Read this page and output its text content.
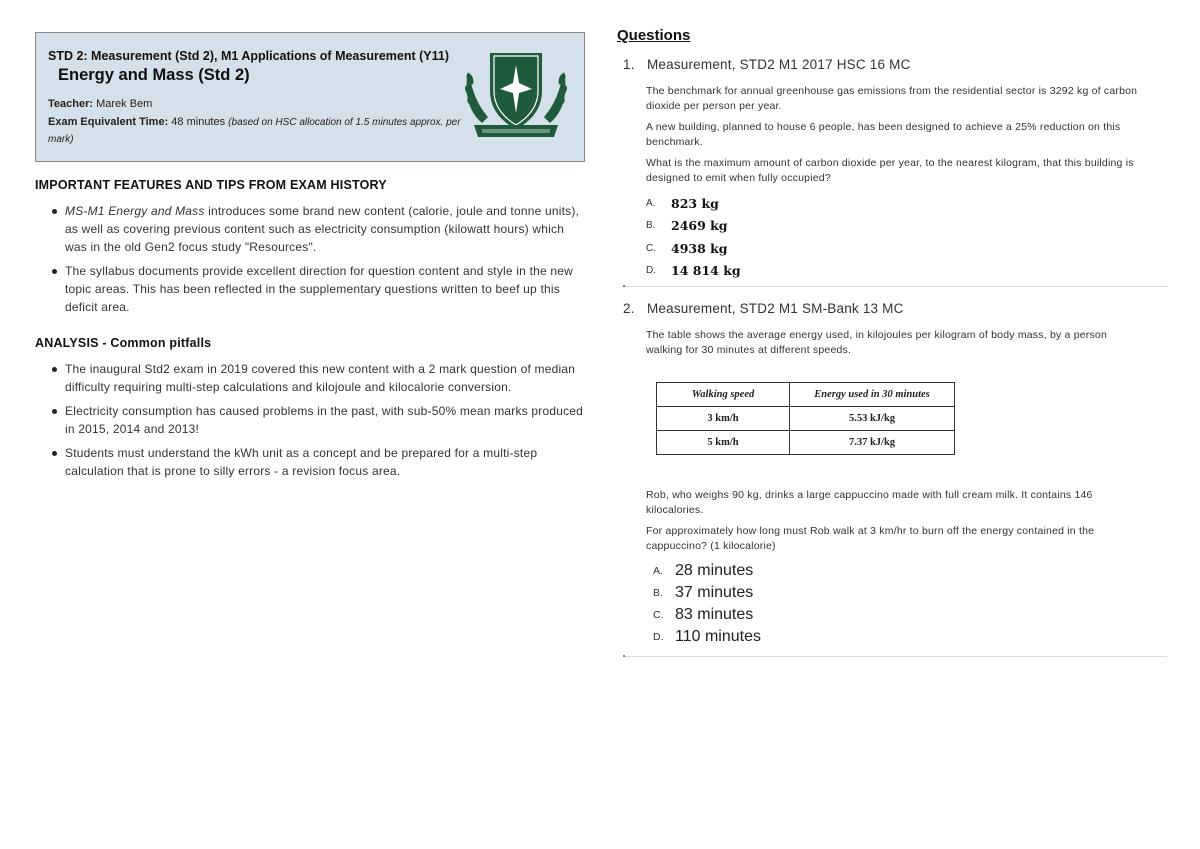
STD 2: Measurement (Std 2), M1 Applications of Measurement (Y11)
Energy and Mass (Std 2)
Teacher: Marek Bem
Exam Equivalent Time: 48 minutes (based on HSC allocation of 1.5 minutes approx. per mark)
IMPORTANT FEATURES AND TIPS FROM EXAM HISTORY
MS-M1 Energy and Mass introduces some brand new content (calorie, joule and tonne units), as well as covering previous content such as electricity consumption (kilowatt hours) which was in the old Gen2 focus study "Resources".
The syllabus documents provide excellent direction for question content and style in the new topic areas. This has been reflected in the supplementary questions written to beef up this deficit area.
ANALYSIS - Common pitfalls
The inaugural Std2 exam in 2019 covered this new content with a 2 mark question of median difficulty requiring multi-step calculations and kilojoule and kilocalorie conversion.
Electricity consumption has caused problems in the past, with sub-50% mean marks produced in 2015, 2014 and 2013!
Students must understand the kWh unit as a concept and be prepared for a multi-step calculation that is prone to silly errors - a revision focus area.
Questions
1. Measurement, STD2 M1 2017 HSC 16 MC
The benchmark for annual greenhouse gas emissions from the residential sector is 3292 kg of carbon dioxide per person per year.
A new building, planned to house 6 people, has been designed to achieve a 25% reduction on this benchmark.
What is the maximum amount of carbon dioxide per year, to the nearest kilogram, that this building is designed to emit when fully occupied?
A.	823 kg
B.	2469 kg
C.	4938 kg
D.	14 814 kg
2. Measurement, STD2 M1 SM-Bank 13 MC
The table shows the average energy used, in kilojoules per kilogram of body mass, by a person walking for 30 minutes at different speeds.
Walking speed	Energy used in 30 minutes
3 km/h	5.53 kJ/kg
5 km/h	7.37 kJ/kg
Rob, who weighs 90 kg, drinks a large cappuccino made with full cream milk. It contains 146 kilocalories.
For approximately how long must Rob walk at 3 km/hr to burn off the energy contained in the cappuccino? (1 kilocalorie)
A. 28 minutes
B. 37 minutes
C. 83 minutes
D. 110 minutes
